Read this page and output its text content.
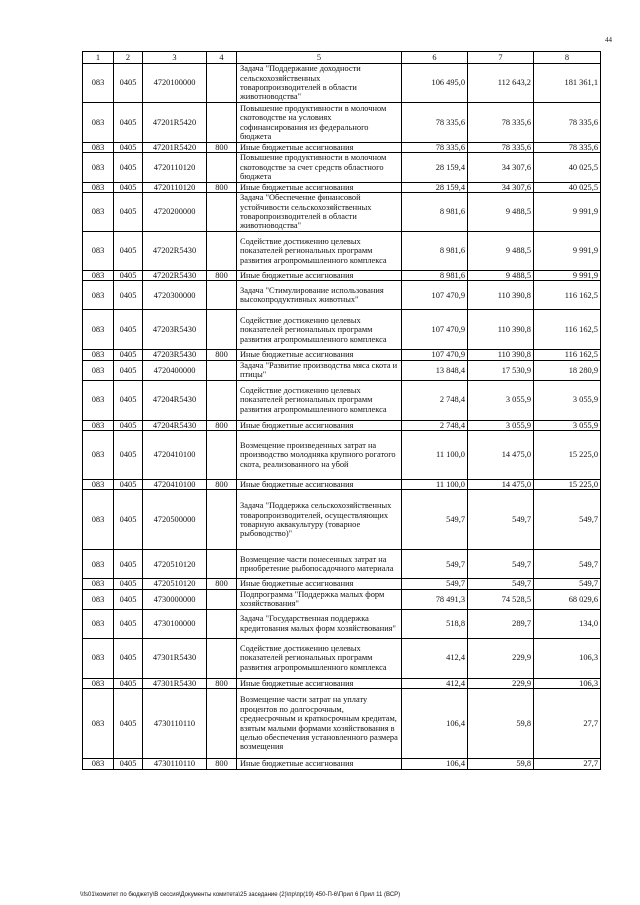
44
1	2	3	4	5	6	7	8
083	0405	4720100000		Задача "Поддержание доходности сельскохозяйственных товаропроизводителей в области животноводства"	106 495,0	112 643,2	181 361,1
083	0405	47201R5420		Повышение продуктивности в молочном скотоводстве на условиях софинансирования из федерального бюджета	78 335,6	78 335,6	78 335,6
083	0405	47201R5420	800	Иные бюджетные ассигнования	78 335,6	78 335,6	78 335,6
083	0405	4720110120		Повышение продуктивности в молочном скотоводстве за счет средств областного бюджета	28 159,4	34 307,6	40 025,5
083	0405	4720110120	800	Иные бюджетные ассигнования	28 159,4	34 307,6	40 025,5
083	0405	4720200000		Задача "Обеспечение финансовой устойчивости сельскохозяйственных товаропроизводителей в области животноводства"	8 981,6	9 488,5	9 991,9
083	0405	47202R5430		Содействие достижению целевых показателей региональных программ развития агропромышленного комплекса	8 981,6	9 488,5	9 991,9
083	0405	47202R5430	800	Иные бюджетные ассигнования	8 981,6	9 488,5	9 991,9
083	0405	4720300000		Задача "Стимулирование использования высокопродуктивных животных"	107 470,9	110 390,8	116 162,5
083	0405	47203R5430		Содействие достижению целевых показателей региональных программ развития агропромышленного комплекса	107 470,9	110 390,8	116 162,5
083	0405	47203R5430	800	Иные бюджетные ассигнования	107 470,9	110 390,8	116 162,5
083	0405	4720400000		Задача "Развитие производства мяса скота и птицы"	13 848,4	17 530,9	18 280,9
083	0405	47204R5430		Содействие достижению целевых показателей региональных программ развития агропромышленного комплекса	2 748,4	3 055,9	3 055,9
083	0405	47204R5430	800	Иные бюджетные ассигнования	2 748,4	3 055,9	3 055,9
083	0405	4720410100		Возмещение произведенных затрат на производство молодняка крупного рогатого скота, реализованного на убой	11 100,0	14 475,0	15 225,0
083	0405	4720410100	800	Иные бюджетные ассигнования	11 100,0	14 475,0	15 225,0
083	0405	4720500000		Задача "Поддержка сельскохозяйственных товаропроизводителей, осуществляющих товарную аквакультуру (товарное рыбоводство)"	549,7	549,7	549,7
083	0405	4720510120		Возмещение части понесенных затрат на приобретение рыбопосадочного материала	549,7	549,7	549,7
083	0405	4720510120	800	Иные бюджетные ассигнования	549,7	549,7	549,7
083	0405	4730000000		Подпрограмма "Поддержка малых форм хозяйствования"	78 491,3	74 528,5	68 029,6
083	0405	4730100000		Задача "Государственная поддержка кредитования малых форм хозяйствования"	518,8	289,7	134,0
083	0405	47301R5430		Содействие достижению целевых показателей региональных программ развития агропромышленного комплекса	412,4	229,9	106,3
083	0405	47301R5430	800	Иные бюджетные ассигнования	412,4	229,9	106,3
083	0405	4730110110		Возмещение части затрат на уплату процентов по долгосрочным, среднесрочным и краткосрочным кредитам, взятым малыми формами хозяйствования в целью обеспечения установленного размера возмещения	106,4	59,8	27,7
083	0405	4730110110	800	Иные бюджетные ассигнования	106,4	59,8	27,7
\\fs01\комитет по бюджету\В сессия\Документы комитета\25 заседание (2)\пр\пр(19) 450-П-6\Прил 6 Прил 11 (ВСР)
